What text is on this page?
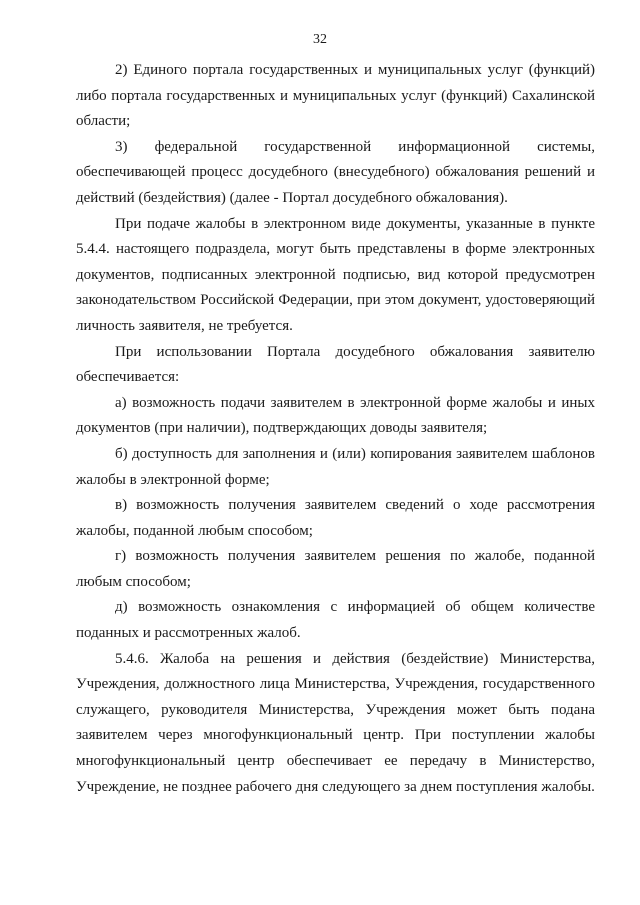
32

2) Единого портала государственных и муниципальных услуг (функций) либо портала государственных и муниципальных услуг (функций) Сахалинской области;

3) федеральной государственной информационной системы, обеспечивающей процесс досудебного (внесудебного) обжалования решений и действий (бездействия) (далее - Портал досудебного обжалования).

При подаче жалобы в электронном виде документы, указанные в пункте 5.4.4. настоящего подраздела, могут быть представлены в форме электронных документов, подписанных электронной подписью, вид которой предусмотрен законодательством Российской Федерации, при этом документ, удостоверяющий личность заявителя, не требуется.

При использовании Портала досудебного обжалования заявителю обеспечивается:

а) возможность подачи заявителем в электронной форме жалобы и иных документов (при наличии), подтверждающих доводы заявителя;

б) доступность для заполнения и (или) копирования заявителем шаблонов жалобы в электронной форме;

в) возможность получения заявителем сведений о ходе рассмотрения жалобы, поданной любым способом;

г) возможность получения заявителем решения по жалобе, поданной любым способом;

д) возможность ознакомления с информацией об общем количестве поданных и рассмотренных жалоб.

5.4.6. Жалоба на решения и действия (бездействие) Министерства, Учреждения, должностного лица Министерства, Учреждения, государственного служащего, руководителя Министерства, Учреждения может быть подана заявителем через многофункциональный центр. При поступлении жалобы многофункциональный центр обеспечивает ее передачу в Министерство, Учреждение, не позднее рабочего дня следующего за днем поступления жалобы.
